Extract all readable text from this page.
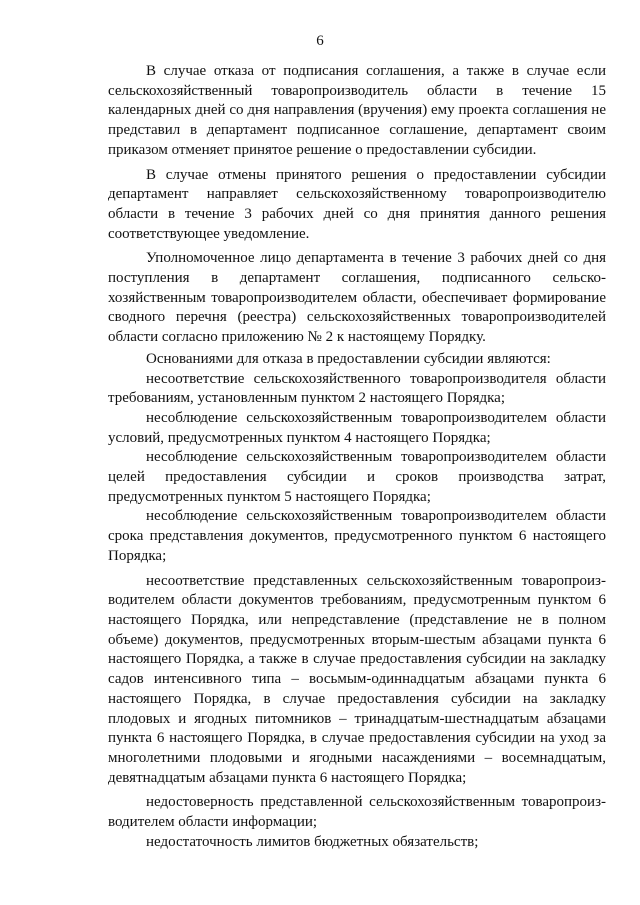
6

В случае отказа от подписания соглашения, а также в случае если сельскохозяйственный товаропроизводитель области в течение 15 календарных дней со дня направления (вручения) ему проекта соглашения не представил в департамент подписанное соглашение, департамент своим приказом отменяет принятое решение о предоставлении субсидии.

В случае отмены принятого решения о предоставлении субсидии департамент направляет сельскохозяйственному товаропроизводителю области в течение 3 рабочих дней со дня принятия данного решения соответствующее уведомление.

Уполномоченное лицо департамента в течение 3 рабочих дней со дня поступления в департамент соглашения, подписанного сельскохозяйственным товаропроизводителем области, обеспечивает формирование сводного перечня (реестра) сельскохозяйственных товаропроизводителей области согласно приложению № 2 к настоящему Порядку.

Основаниями для отказа в предоставлении субсидии являются:

несоответствие сельскохозяйственного товаропроизводителя области требованиям, установленным пунктом 2 настоящего Порядка;

несоблюдение сельскохозяйственным товаропроизводителем области условий, предусмотренных пунктом 4 настоящего Порядка;

несоблюдение сельскохозяйственным товаропроизводителем области целей предоставления субсидии и сроков производства затрат, предусмотренных пунктом 5 настоящего Порядка;

несоблюдение сельскохозяйственным товаропроизводителем области срока представления документов, предусмотренного пунктом 6 настоящего Порядка;

несоответствие представленных сельскохозяйственным товаропроизводителем области документов требованиям, предусмотренным пунктом 6 настоящего Порядка, или непредставление (представление не в полном объеме) документов, предусмотренных вторым-шестым абзацами пункта 6 настоящего Порядка, а также в случае предоставления субсидии на закладку садов интенсивного типа – восьмым-одиннадцатым абзацами пункта 6 настоящего Порядка, в случае предоставления субсидии на закладку плодовых и ягодных питомников – тринадцатым-шестнадцатым абзацами пункта 6 настоящего Порядка, в случае предоставления субсидии на уход за многолетними плодовыми и ягодными насаждениями – восемнадцатым, девятнадцатым абзацами пункта 6 настоящего Порядка;

недостоверность представленной сельскохозяйственным товаропроизводителем области информации;

недостаточность лимитов бюджетных обязательств;
